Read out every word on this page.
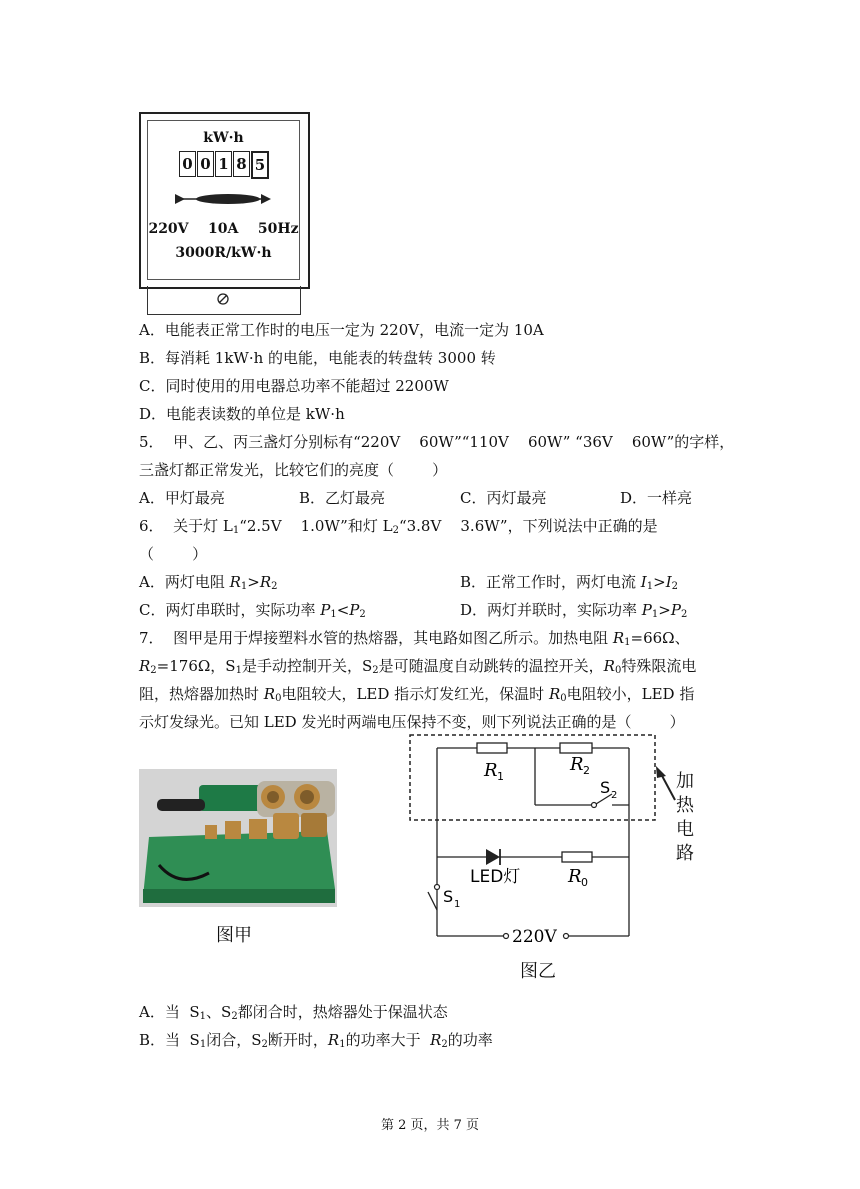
kW·h
0 0 1 8 5
220V    10A    50Hz
3000R/kW·h
A．电能表正常工作时的电压一定为 220V，电流一定为 10A
B．每消耗 1kW·h 的电能，电能表的转盘转 3000 转
C．同时使用的用电器总功率不能超过 2200W
D．电能表读数的单位是 kW·h
5．  甲、乙、丙三盏灯分别标有“220V    60W”“110V    60W” “36V    60W”的字样，
三盏灯都正常发光，比较它们的亮度（        ）
A．甲灯最亮	B．乙灯最亮	C．丙灯最亮	D．一样亮
6．  关于灯 $L_1“2.5V$    1.0W”和灯 $L_2“3.8V$    3.6W”，下列说法中正确的是
（        ）
A．两灯电阻 $R_1>R_2$	B．正常工作时，两灯电流 $I_1>I_2$
C．两灯串联时，实际功率 $P_1<P_2$	D．两灯并联时，实际功率 $P_1>P_2$
7．  图甲是用于焊接塑料水管的热熔器，其电路如图乙所示。加热电阻 $R_1=66\Omega$、
$R_2=176\Omega$，$S_1$是手动控制开关，$S_2$是可随温度自动跳转的温控开关，$R_0$特殊限流电
阻，热熔器加热时 $R_0$电阻较大，LED 指示灯发红光，保温时 $R_0$电阻较小，LED 指
示灯发绿光。已知 LED 发光时两端电压保持不变，则下列说法正确的是（        ）
图甲
R 1
R 2
S 2
LED灯	R 0
S 1
220V
加
热
电
路
图乙
A．当  $S_1$、$S_2$都闭合时，热熔器处于保温状态
B．当  $S_1$闭合，$S_2$断开时，$R_1$的功率大于  $R_2$的功率
第 2 页，共 7 页
